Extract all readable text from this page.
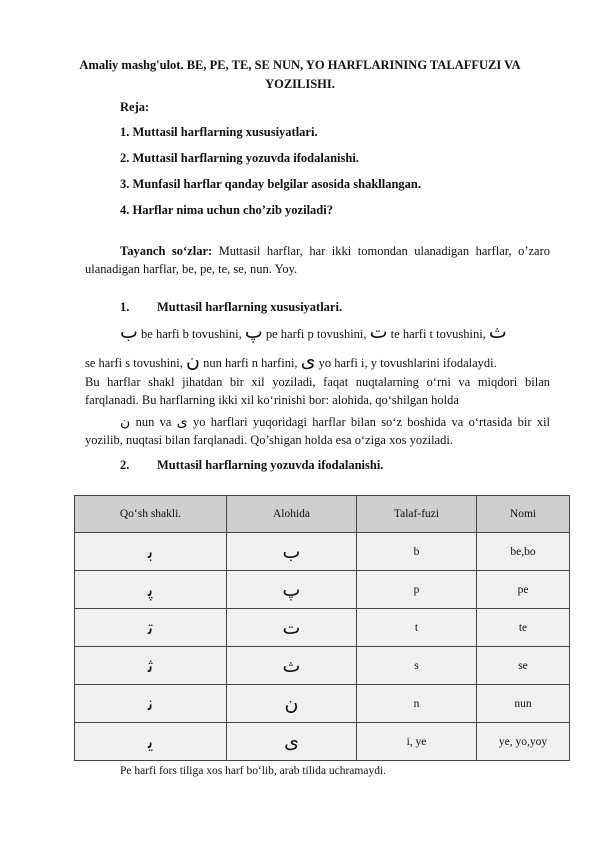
Amaliy mashg'ulot. BE, PE, TE, SE NUN, YO HARFLARINING TALAFFUZI VA YOZILISHI.
Reja:
1. Muttasil harflarning xususiyatlari.
2. Muttasil harflarning yozuvda ifodalanishi.
3. Munfasil harflar qanday belgilar asosida shakllangan.
4. Harflar nima uchun cho’zib yoziladi?
Tayanch so‘zlar: Muttasil harflar, har ikki tomondan ulanadigan harflar, o’zaro ulanadigan harflar, be, pe, te, se, nun. Yoy.
1. Muttasil harflarning xususiyatlari.
ب be harfi b tovushini, پ pe harfi p tovushini, ت te harfi t tovushini, ث
se harfi s tovushini, ن nun harfi n harfini, ى yo harfi i, y tovushlarini ifodalaydi.
Bu harflar shakl jihatdan bir xil yoziladi, faqat nuqtalarning o‘rni va miqdori bilan farqlanadi. Bu harflarning ikki xil ko‘rinishi bor: alohida, qo‘shilgan holda
ن nun va ى yo harflari yuqoridagi harflar bilan so‘z boshida va o‘rtasida bir xil yozilib, nuqtasi bilan farqlanadi. Qo’shigan holda esa o‘ziga xos yoziladi.
2. Muttasil harflarning yozuvda ifodalanishi.
Qo‘sh shakli.	Alohida	Talaf-fuzi	Nomi
ﺑ	ب	b	be,bo
ﭘ	پ	p	pe
ﺗ	ت	t	te
ﺛ	ث	s	se
ﻧ	ن	n	nun
ﻳ	ى	i, ye	ye, yo,yoy
Pe harfi fors tiliga xos harf bo‘lib, arab tilida uchramaydi.
